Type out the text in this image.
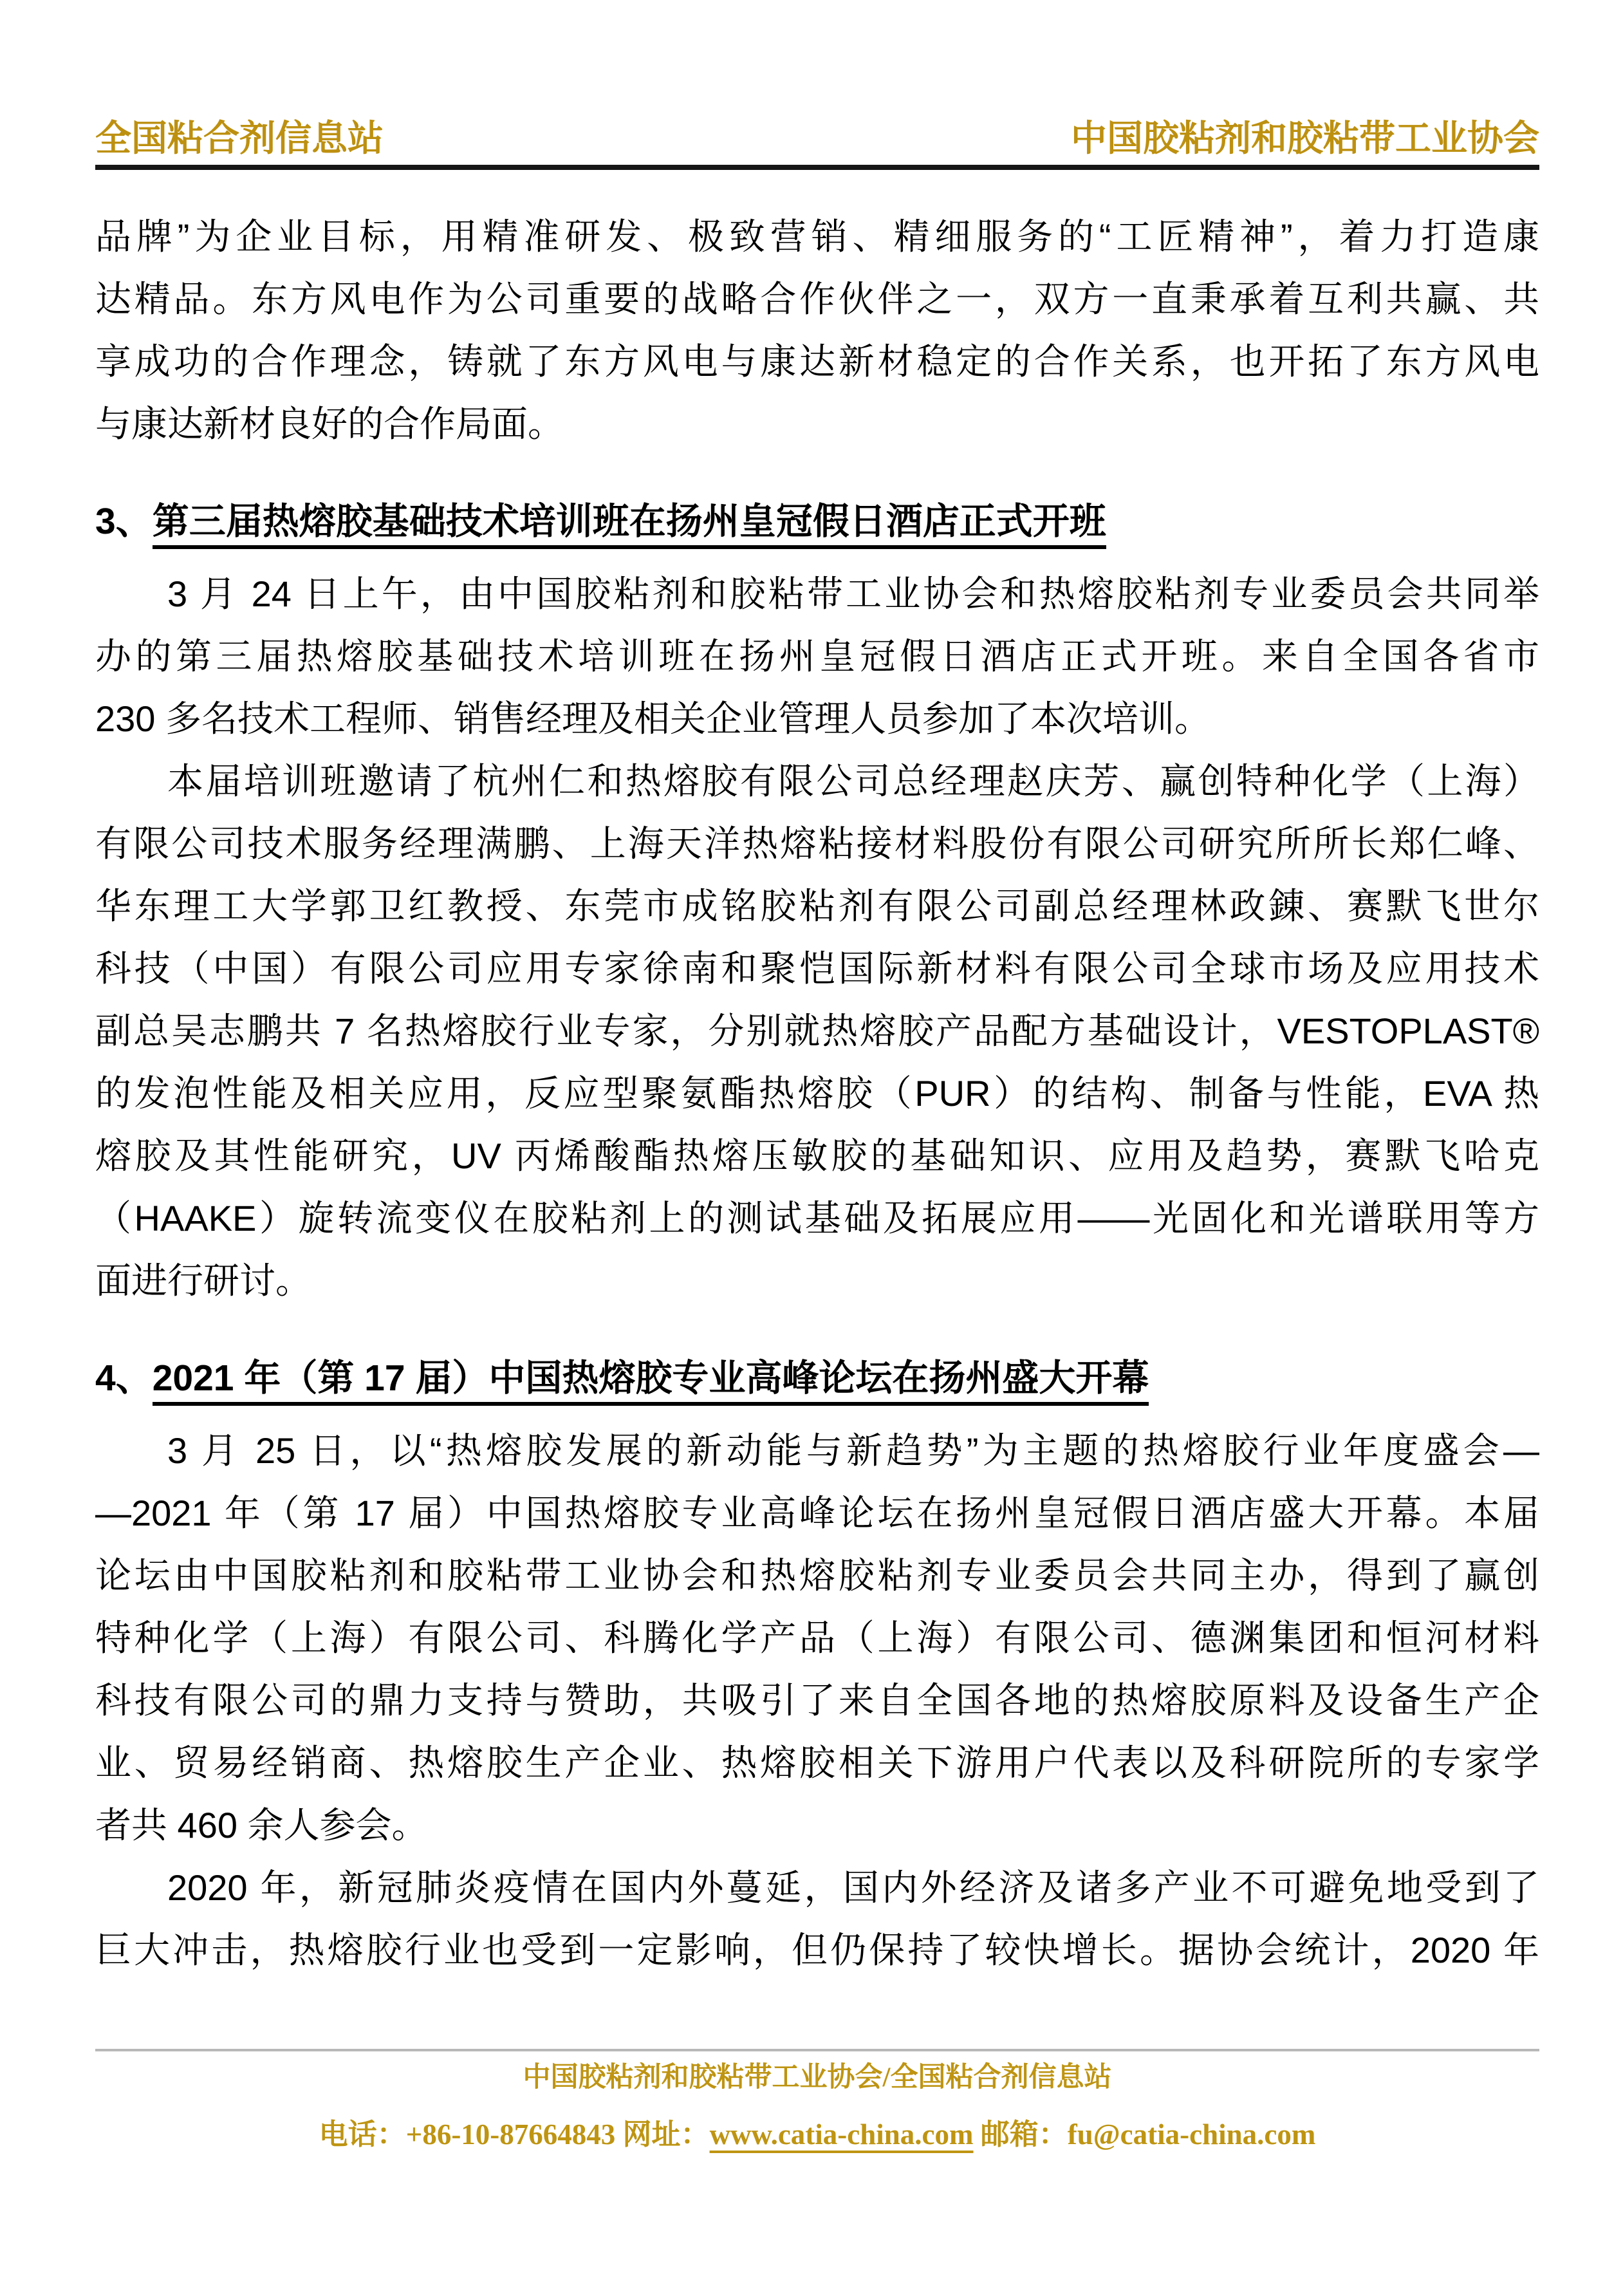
全国粘合剂信息站	中国胶粘剂和胶粘带工业协会
品牌”为企业目标，用精准研发、极致营销、精细服务的“工匠精神”，着力打造康
达精品。东方风电作为公司重要的战略合作伙伴之一，双方一直秉承着互利共赢、共
享成功的合作理念，铸就了东方风电与康达新材稳定的合作关系，也开拓了东方风电
与康达新材良好的合作局面。
3、第三届热熔胶基础技术培训班在扬州皇冠假日酒店正式开班
3 月 24 日上午，由中国胶粘剂和胶粘带工业协会和热熔胶粘剂专业委员会共同举
办的第三届热熔胶基础技术培训班在扬州皇冠假日酒店正式开班。来自全国各省市
230 多名技术工程师、销售经理及相关企业管理人员参加了本次培训。
本届培训班邀请了杭州仁和热熔胶有限公司总经理赵庆芳、赢创特种化学（上海）
有限公司技术服务经理满鹏、上海天洋热熔粘接材料股份有限公司研究所所长郑仁峰、
华东理工大学郭卫红教授、东莞市成铭胶粘剂有限公司副总经理林政錬、赛默飞世尔
科技（中国）有限公司应用专家徐南和聚恺国际新材料有限公司全球市场及应用技术
副总吴志鹏共 7 名热熔胶行业专家，分别就热熔胶产品配方基础设计，VESTOPLAST®
的发泡性能及相关应用，反应型聚氨酯热熔胶（PUR）的结构、制备与性能，EVA 热
熔胶及其性能研究，UV 丙烯酸酯热熔压敏胶的基础知识、应用及趋势，赛默飞哈克
（HAAKE）旋转流变仪在胶粘剂上的测试基础及拓展应用——光固化和光谱联用等方
面进行研讨。
4、2021 年（第 17 届）中国热熔胶专业高峰论坛在扬州盛大开幕
3 月 25 日，以“热熔胶发展的新动能与新趋势”为主题的热熔胶行业年度盛会—
—2021 年（第 17 届）中国热熔胶专业高峰论坛在扬州皇冠假日酒店盛大开幕。本届
论坛由中国胶粘剂和胶粘带工业协会和热熔胶粘剂专业委员会共同主办，得到了赢创
特种化学（上海）有限公司、科腾化学产品（上海）有限公司、德渊集团和恒河材料
科技有限公司的鼎力支持与赞助，共吸引了来自全国各地的热熔胶原料及设备生产企
业、贸易经销商、热熔胶生产企业、热熔胶相关下游用户代表以及科研院所的专家学
者共 460 余人参会。
2020 年，新冠肺炎疫情在国内外蔓延，国内外经济及诸多产业不可避免地受到了
巨大冲击，热熔胶行业也受到一定影响，但仍保持了较快增长。据协会统计，2020 年
中国胶粘剂和胶粘带工业协会/全国粘合剂信息站
电话：+86-10-87664843 网址：www.catia-china.com 邮箱：fu@catia-china.com
